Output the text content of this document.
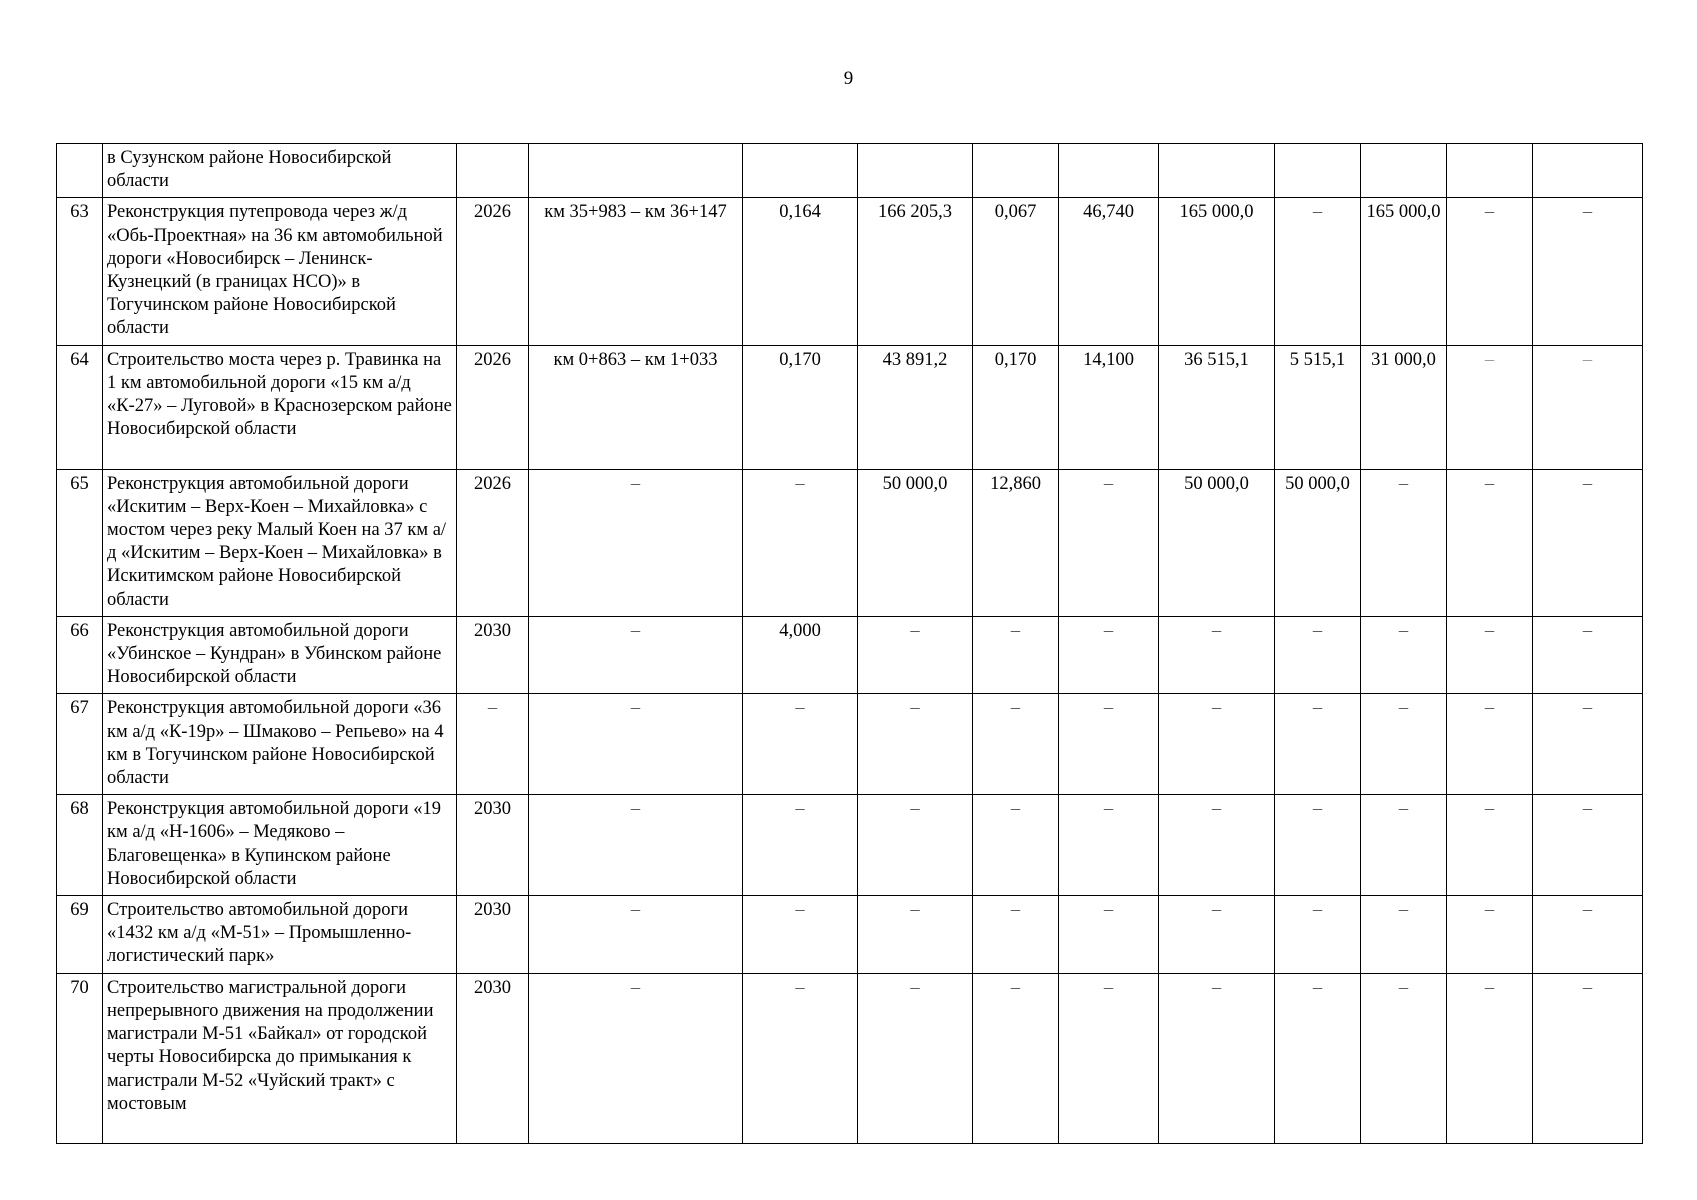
9
	в Сузунском районе Новосибирской области											
63	Реконструкция путепровода через ж/д «Обь-Проектная» на 36 км автомобильной дороги «Новосибирск – Ленинск-Кузнецкий (в границах НСО)» в Тогучинском районе Новосибирской области	2026	км 35+983 – км 36+147	0,164	166 205,3	0,067	46,740	165 000,0	–	165 000,0	–	–
64	Строительство моста через р. Травинка на 1 км автомобильной дороги «15 км а/д «К-27» – Луговой» в Краснозерском районе Новосибирской области	2026	км 0+863 – км 1+033	0,170	43 891,2	0,170	14,100	36 515,1	5 515,1	31 000,0	–	–
65	Реконструкция автомобильной дороги «Искитим – Верх-Коен – Михайловка» с мостом через реку Малый Коен на 37 км а/д «Искитим – Верх-Коен – Михайловка» в Искитимском районе Новосибирской области	2026	–	–	50 000,0	12,860	–	50 000,0	50 000,0	–	–	–
66	Реконструкция автомобильной дороги «Убинское – Кундран» в Убинском районе Новосибирской области	2030	–	4,000	–	–	–	–	–	–	–	–
67	Реконструкция автомобильной дороги «36 км а/д «К-19р» – Шмаково – Репьево» на 4 км в Тогучинском районе Новосибирской области	–	–	–	–	–	–	–	–	–	–	–
68	Реконструкция автомобильной дороги «19 км а/д «Н-1606» – Медяково – Благовещенка» в Купинском районе Новосибирской области	2030	–	–	–	–	–	–	–	–	–	–
69	Строительство автомобильной дороги «1432 км а/д «М-51» – Промышленно-логистический парк»	2030	–	–	–	–	–	–	–	–	–	–
70	Строительство магистральной дороги непрерывного движения на продолжении магистрали М-51 «Байкал» от городской черты Новосибирска до примыкания к магистрали М-52 «Чуйский тракт» с мостовым	2030	–	–	–	–	–	–	–	–	–	–
